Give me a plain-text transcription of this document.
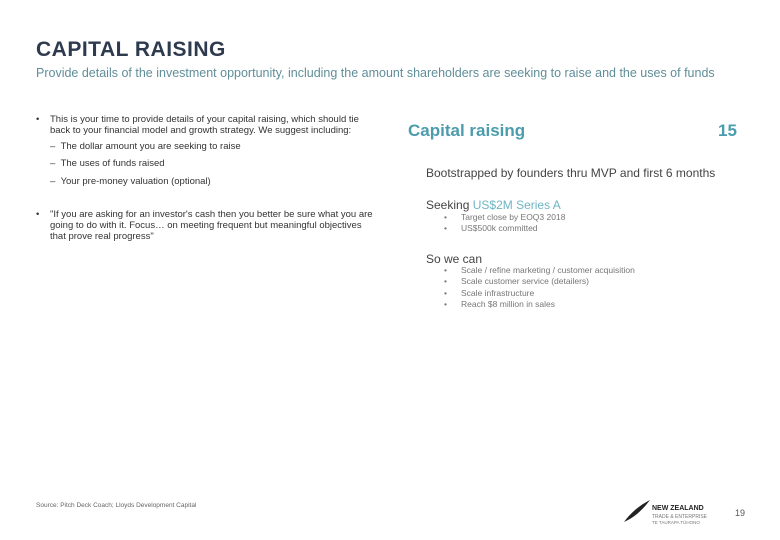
CAPITAL RAISING
Provide details of the investment opportunity, including the amount shareholders are seeking to raise and the uses of funds
• This is your time to provide details of your capital raising, which should tie back to your financial model and growth strategy. We suggest including:
–  The dollar amount you are seeking to raise
–  The uses of funds raised
–  Your pre-money valuation (optional)
• "If you are asking for an investor's cash then you better be sure what you are going to do with it. Focus… on meeting frequent but meaningful objectives that prove real progress"
Capital raising	15
Bootstrapped by founders thru MVP and first 6 months
Seeking US$2M Series A
• Target close by EOQ3 2018
• US$500k committed
So we can
• Scale / refine marketing / customer acquisition
• Scale customer service (detailers)
• Scale infrastructure
• Reach $8 million in sales
Source: Pitch Deck Coach; Lloyds Development Capital	NEW ZEALAND
TRADE & ENTERPRISE
TE TAURAPA TŪHONO
19
